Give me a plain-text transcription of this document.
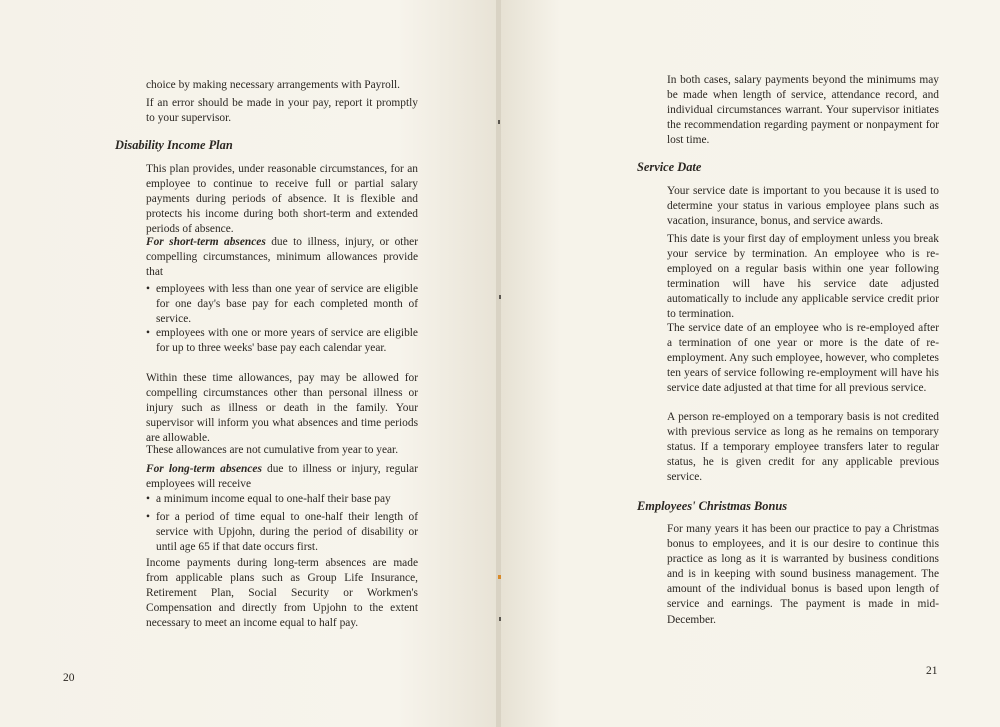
choice by making necessary arrangements with Payroll.

If an error should be made in your pay, report it promptly to your supervisor.

Disability Income Plan

This plan provides, under reasonable circumstances, for an employee to continue to receive full or partial salary payments during periods of absence. It is flexible and protects his income during both short-term and extended periods of absence.

For short-term absences due to illness, injury, or other compelling circumstances, minimum allowances provide that

• employees with less than one year of service are eligible for one day's base pay for each completed month of service.
• employees with one or more years of service are eligible for up to three weeks' base pay each calendar year.

Within these time allowances, pay may be allowed for compelling circumstances other than personal illness or injury such as illness or death in the family. Your supervisor will inform you what absences and time periods are allowable.

These allowances are not cumulative from year to year.

For long-term absences due to illness or injury, regular employees will receive

• a minimum income equal to one-half their base pay
• for a period of time equal to one-half their length of service with Upjohn, during the period of disability or until age 65 if that date occurs first.

Income payments during long-term absences are made from applicable plans such as Group Life Insurance, Retirement Plan, Social Security or Workmen's Compensation and directly from Upjohn to the extent necessary to meet an income equal to half pay.

20

In both cases, salary payments beyond the minimums may be made when length of service, attendance record, and individual circumstances warrant. Your supervisor initiates the recommendation regarding payment or nonpayment for lost time.

Service Date

Your service date is important to you because it is used to determine your status in various employee plans such as vacation, insurance, bonus, and service awards.

This date is your first day of employment unless you break your service by termination. An employee who is re-employed on a regular basis within one year following termination will have his service date adjusted automatically to include any applicable service credit prior to termination.

The service date of an employee who is re-employed after a termination of one year or more is the date of re-employment. Any such employee, however, who completes ten years of service following re-employment will have his service date adjusted at that time for all previous service.

A person re-employed on a temporary basis is not credited with previous service as long as he remains on temporary status. If a temporary employee transfers later to regular status, he is given credit for any applicable previous service.

Employees' Christmas Bonus

For many years it has been our practice to pay a Christmas bonus to employees, and it is our desire to continue this practice as long as it is warranted by business conditions and is in keeping with sound business management. The amount of the individual bonus is based upon length of service and earnings. The payment is made in mid-December.

21
